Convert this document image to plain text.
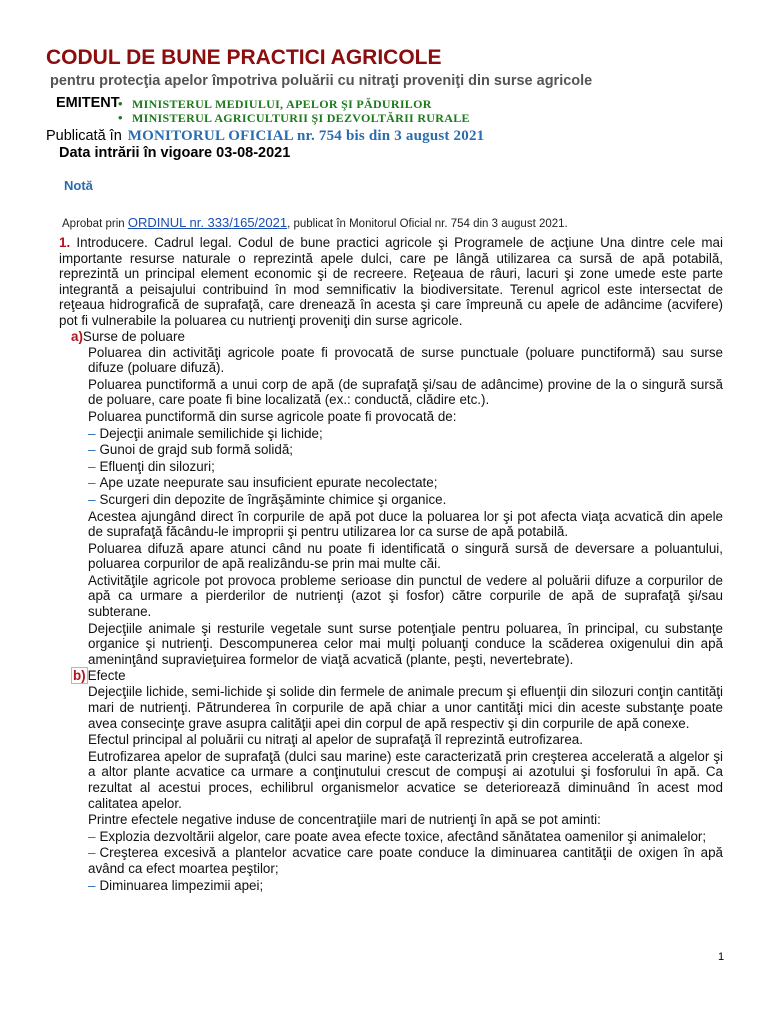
CODUL DE BUNE PRACTICI AGRICOLE
pentru protecţia apelor împotriva poluării cu nitraţi proveniţi din surse agricole
EMITENT
•	MINISTERUL MEDIULUI, APELOR ŞI PĂDURILOR
• MINISTERUL AGRICULTURII ŞI DEZVOLTĂRII RURALE
Publicată în MONITORUL OFICIAL nr. 754 bis din 3 august 2021
Data intrării în vigoare 03-08-2021
Notă
Aprobat prin ORDINUL nr. 333/165/2021, publicat în Monitorul Oficial nr. 754 din 3 august 2021.

1. Introducere. Cadrul legal. Codul de bune practici agricole şi Programele de acţiune Una dintre cele mai importante resurse naturale o reprezintă apele dulci, care pe lângă utilizarea ca sursă de apă potabilă, reprezintă un principal element economic şi de recreere. Reţeaua de râuri, lacuri şi zone umede este parte integrantă a peisajului contribuind în mod semnificativ la biodiversitate. Terenul agricol este intersectat de reţeaua hidrografică de suprafaţă, care drenează în acesta şi care împreună cu apele de adâncime (acvifere) pot fi vulnerabile la poluarea cu nutrienţi proveniţi din surse agricole.

a)Surse de poluare

Poluarea din activităţi agricole poate fi provocată de surse punctuale (poluare punctiformă) sau surse difuze (poluare difuză).

Poluarea punctiformă a unui corp de apă (de suprafaţă şi/sau de adâncime) provine de la o singură sursă de poluare, care poate fi bine localizată (ex.: conductă, clădire etc.).

Poluarea punctiformă din surse agricole poate fi provocată de:

– Dejecţii animale semilichide şi lichide;

– Gunoi de grajd sub formă solidă;

– Efluenţi din silozuri;

– Ape uzate neepurate sau insuficient epurate necolectate;

– Scurgeri din depozite de îngrăşăminte chimice şi organice.

Acestea ajungând direct în corpurile de apă pot duce la poluarea lor şi pot afecta viaţa acvatică din apele de suprafaţă făcându-le improprii şi pentru utilizarea lor ca surse de apă potabilă.

Poluarea difuză apare atunci când nu poate fi identificată o singură sursă de deversare a poluantului, poluarea corpurilor de apă realizându-se prin mai multe căi.

Activităţile agricole pot provoca probleme serioase din punctul de vedere al poluării difuze a corpurilor de apă ca urmare a pierderilor de nutrienţi (azot şi fosfor) către corpurile de apă de suprafaţă şi/sau subterane.

Dejecţiile animale şi resturile vegetale sunt surse potenţiale pentru poluarea, în principal, cu substanţe organice şi nutrienţi. Descompunerea celor mai mulţi poluanţi conduce la scăderea oxigenului din apă ameninţând supravieţuirea formelor de viaţă acvatică (plante, peşti, nevertebrate).

b) Efecte

Dejecţiile lichide, semi-lichide şi solide din fermele de animale precum şi efluenţii din silozuri conţin cantităţi mari de nutrienţi. Pătrunderea în corpurile de apă chiar a unor cantităţi mici din aceste substanţe poate avea consecinţe grave asupra calităţii apei din corpul de apă respectiv şi din corpurile de apă conexe.

Efectul principal al poluării cu nitraţi al apelor de suprafaţă îl reprezintă eutrofizarea.

Eutrofizarea apelor de suprafaţă (dulci sau marine) este caracterizată prin creşterea accelerată a algelor şi a altor plante acvatice ca urmare a conţinutului crescut de compuşi ai azotului şi fosforului în apă. Ca rezultat al acestui proces, echilibrul organismelor acvatice se deteriorează diminuând în acest mod calitatea apelor.

Printre efectele negative induse de concentraţiile mari de nutrienţi în apă se pot aminti:

– Explozia dezvoltării algelor, care poate avea efecte toxice, afectând sănătatea oamenilor şi animalelor;

– Creşterea excesivă a plantelor acvatice care poate conduce la diminuarea cantităţii de oxigen în apă având ca efect moartea peştilor;

– Diminuarea limpezimii apei;

1
